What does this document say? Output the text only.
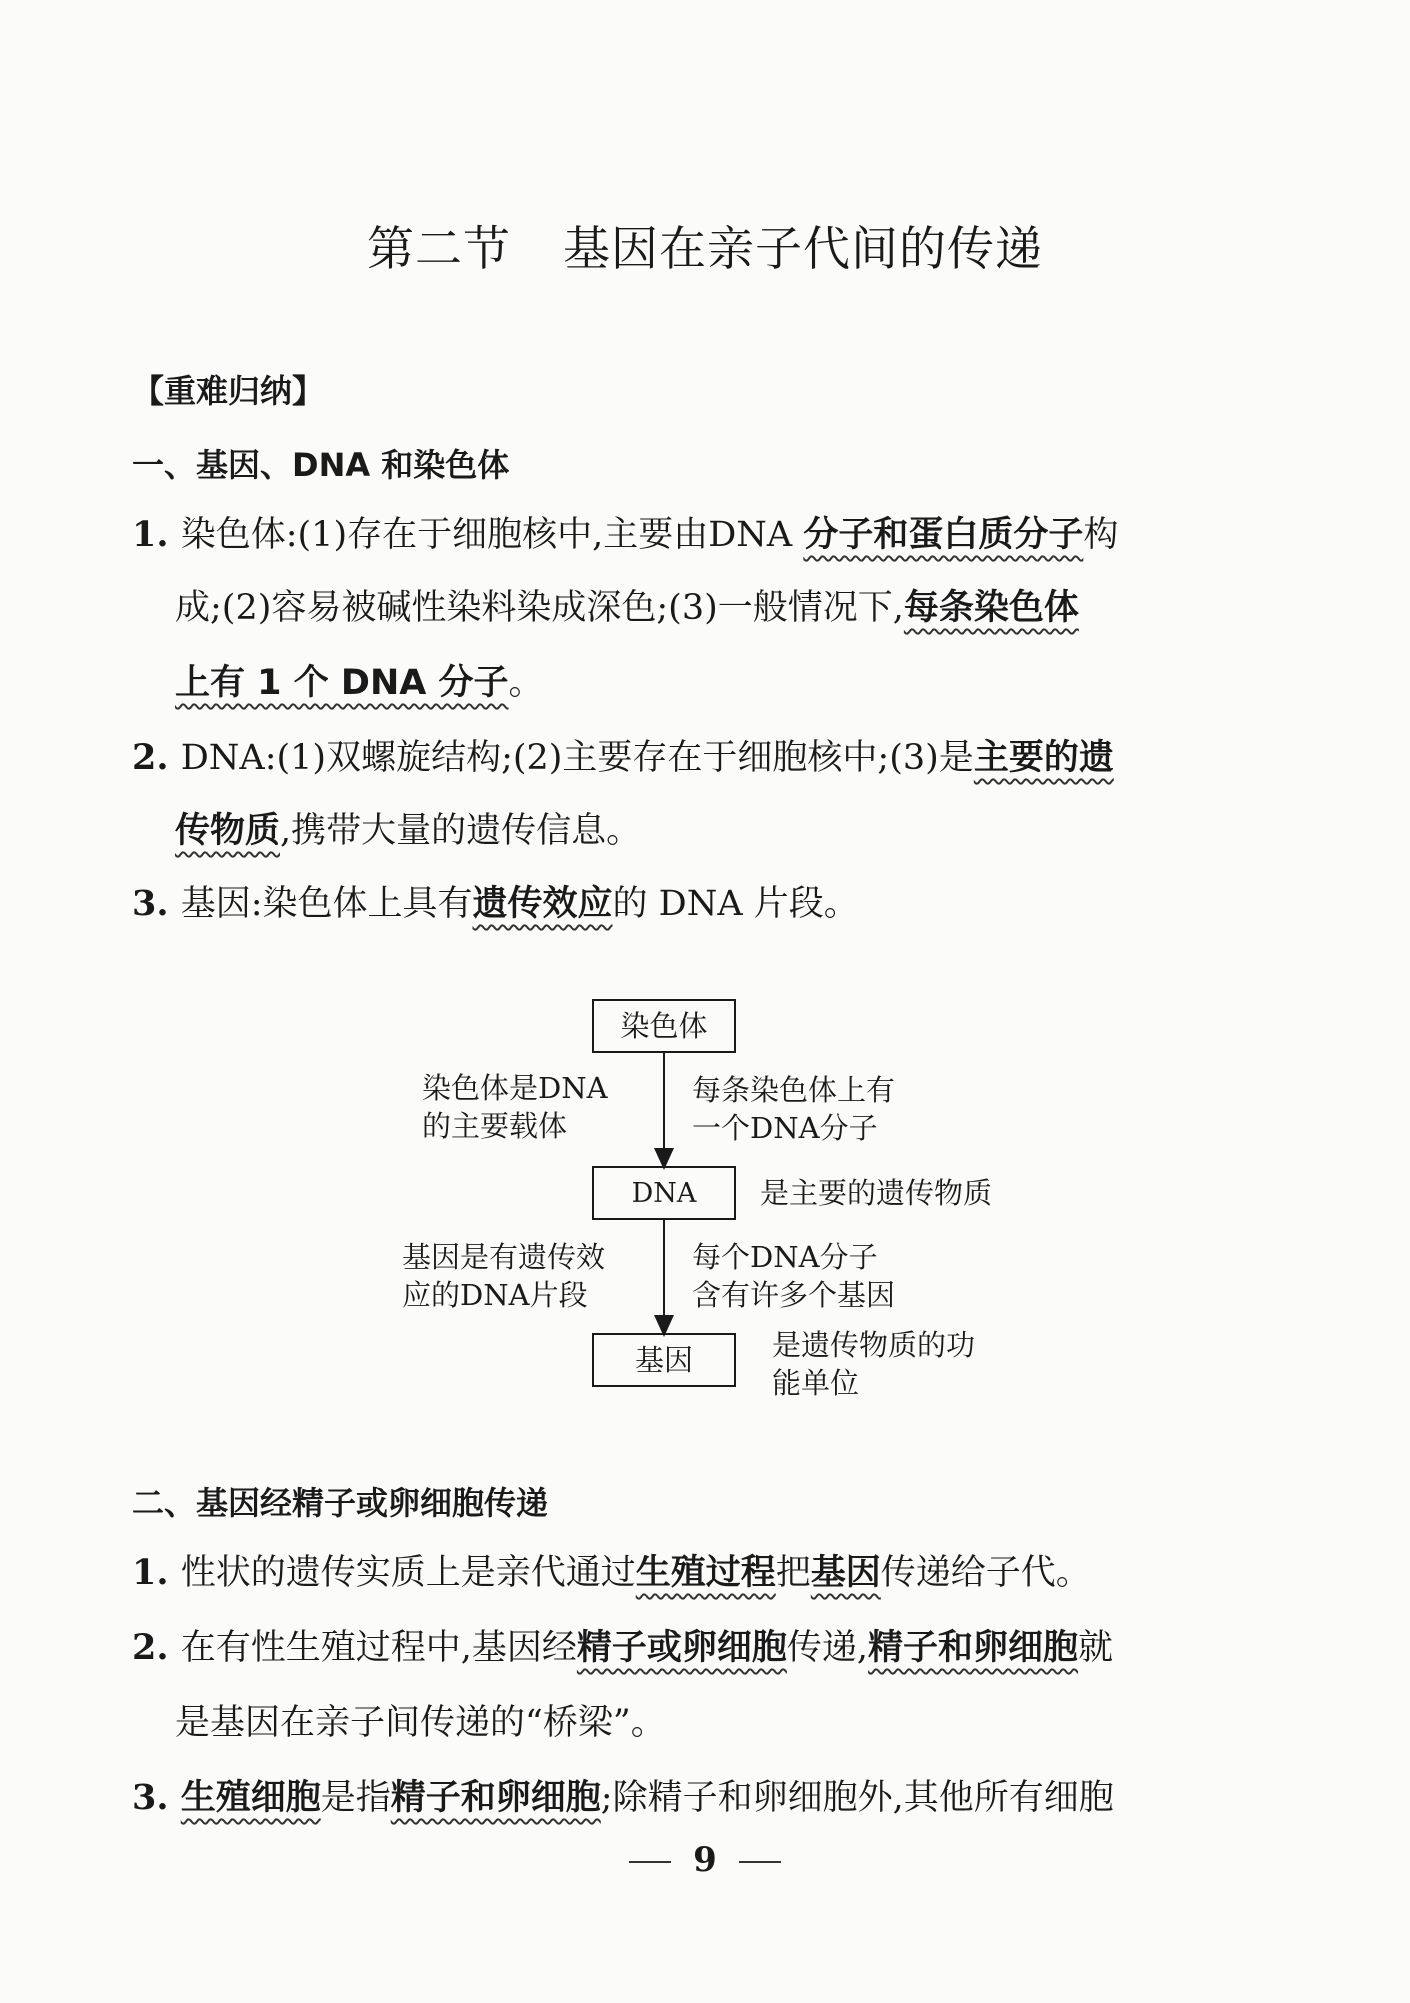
第二节 基因在亲子代间的传递
【重难归纳】
一、基因、DNA 和染色体
1. 染色体:(1)存在于细胞核中,主要由DNA 分子和蛋白质分子构
成;(2)容易被碱性染料染成深色;(3)一般情况下,每条染色体
上有 1 个 DNA 分子。
2. DNA:(1)双螺旋结构;(2)主要存在于细胞核中;(3)是主要的遗
传物质,携带大量的遗传信息。
3. 基因:染色体上具有遗传效应的 DNA 片段。
染色体
DNA
基因
染色体是DNA
的主要载体
每条染色体上有
一个DNA分子
是主要的遗传物质
基因是有遗传效
应的DNA片段
每个DNA分子
含有许多个基因
是遗传物质的功
能单位
二、基因经精子或卵细胞传递
1. 性状的遗传实质上是亲代通过生殖过程把基因传递给子代。
2. 在有性生殖过程中,基因经精子或卵细胞传递,精子和卵细胞就
是基因在亲子间传递的“桥梁”。
3. 生殖细胞是指精子和卵细胞;除精子和卵细胞外,其他所有细胞
9
